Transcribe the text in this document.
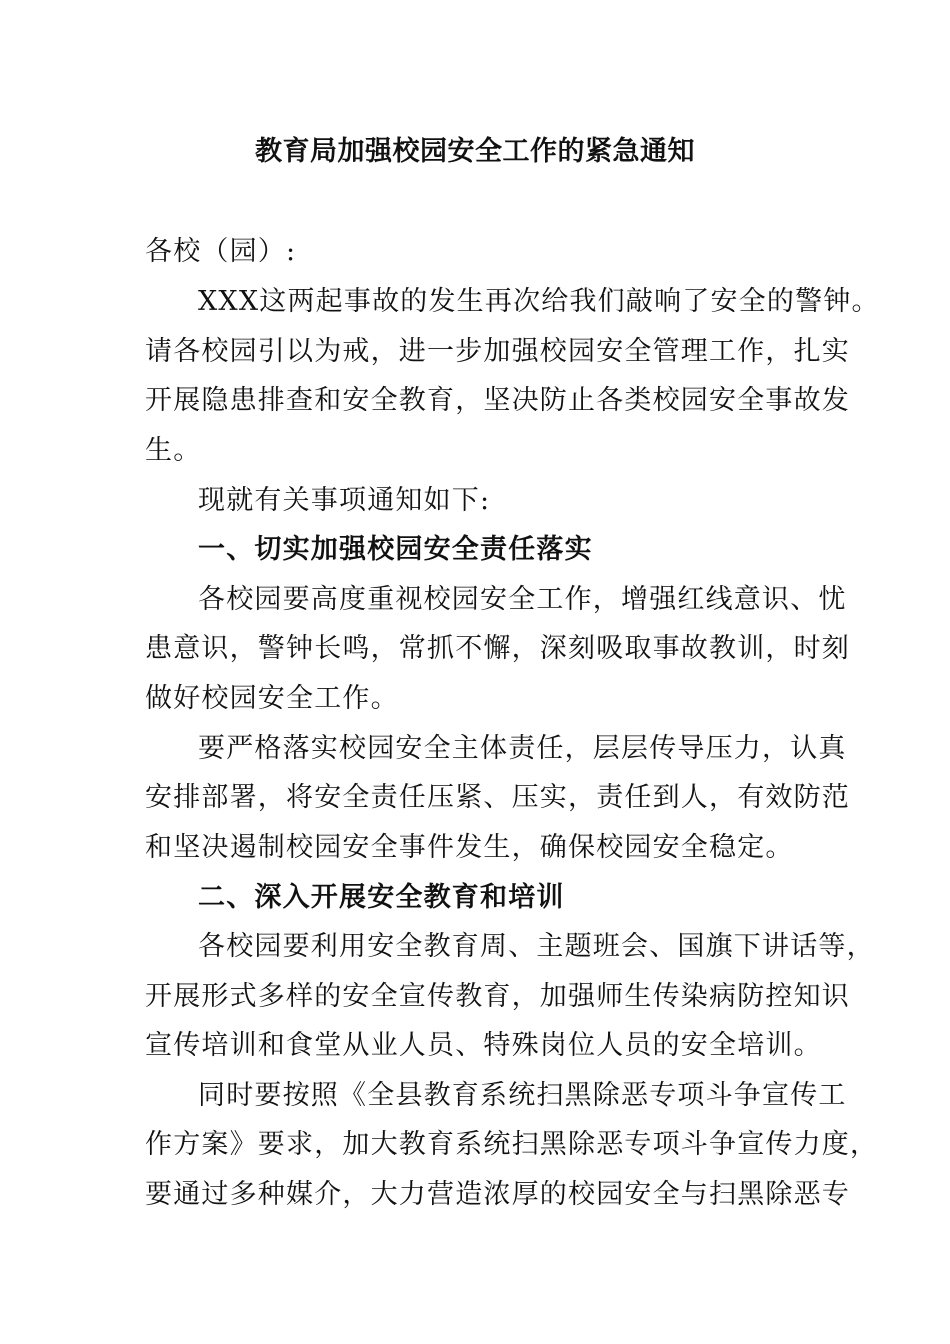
教育局加强校园安全工作的紧急通知
各校（园）:
XXX这两起事故的发生再次给我们敲响了安全的警钟。
请各校园引以为戒，进一步加强校园安全管理工作，扎实
开展隐患排查和安全教育，坚决防止各类校园安全事故发
生。
现就有关事项通知如下:
一、切实加强校园安全责任落实
各校园要高度重视校园安全工作，增强红线意识、忧
患意识，警钟长鸣，常抓不懈，深刻吸取事故教训，时刻
做好校园安全工作。
要严格落实校园安全主体责任，层层传导压力，认真
安排部署，将安全责任压紧、压实，责任到人，有效防范
和坚决遏制校园安全事件发生，确保校园安全稳定。
二、深入开展安全教育和培训
各校园要利用安全教育周、主题班会、国旗下讲话等，
开展形式多样的安全宣传教育，加强师生传染病防控知识
宣传培训和食堂从业人员、特殊岗位人员的安全培训。
同时要按照《全县教育系统扫黑除恶专项斗争宣传工
作方案》要求，加大教育系统扫黑除恶专项斗争宣传力度，
要通过多种媒介，大力营造浓厚的校园安全与扫黑除恶专
